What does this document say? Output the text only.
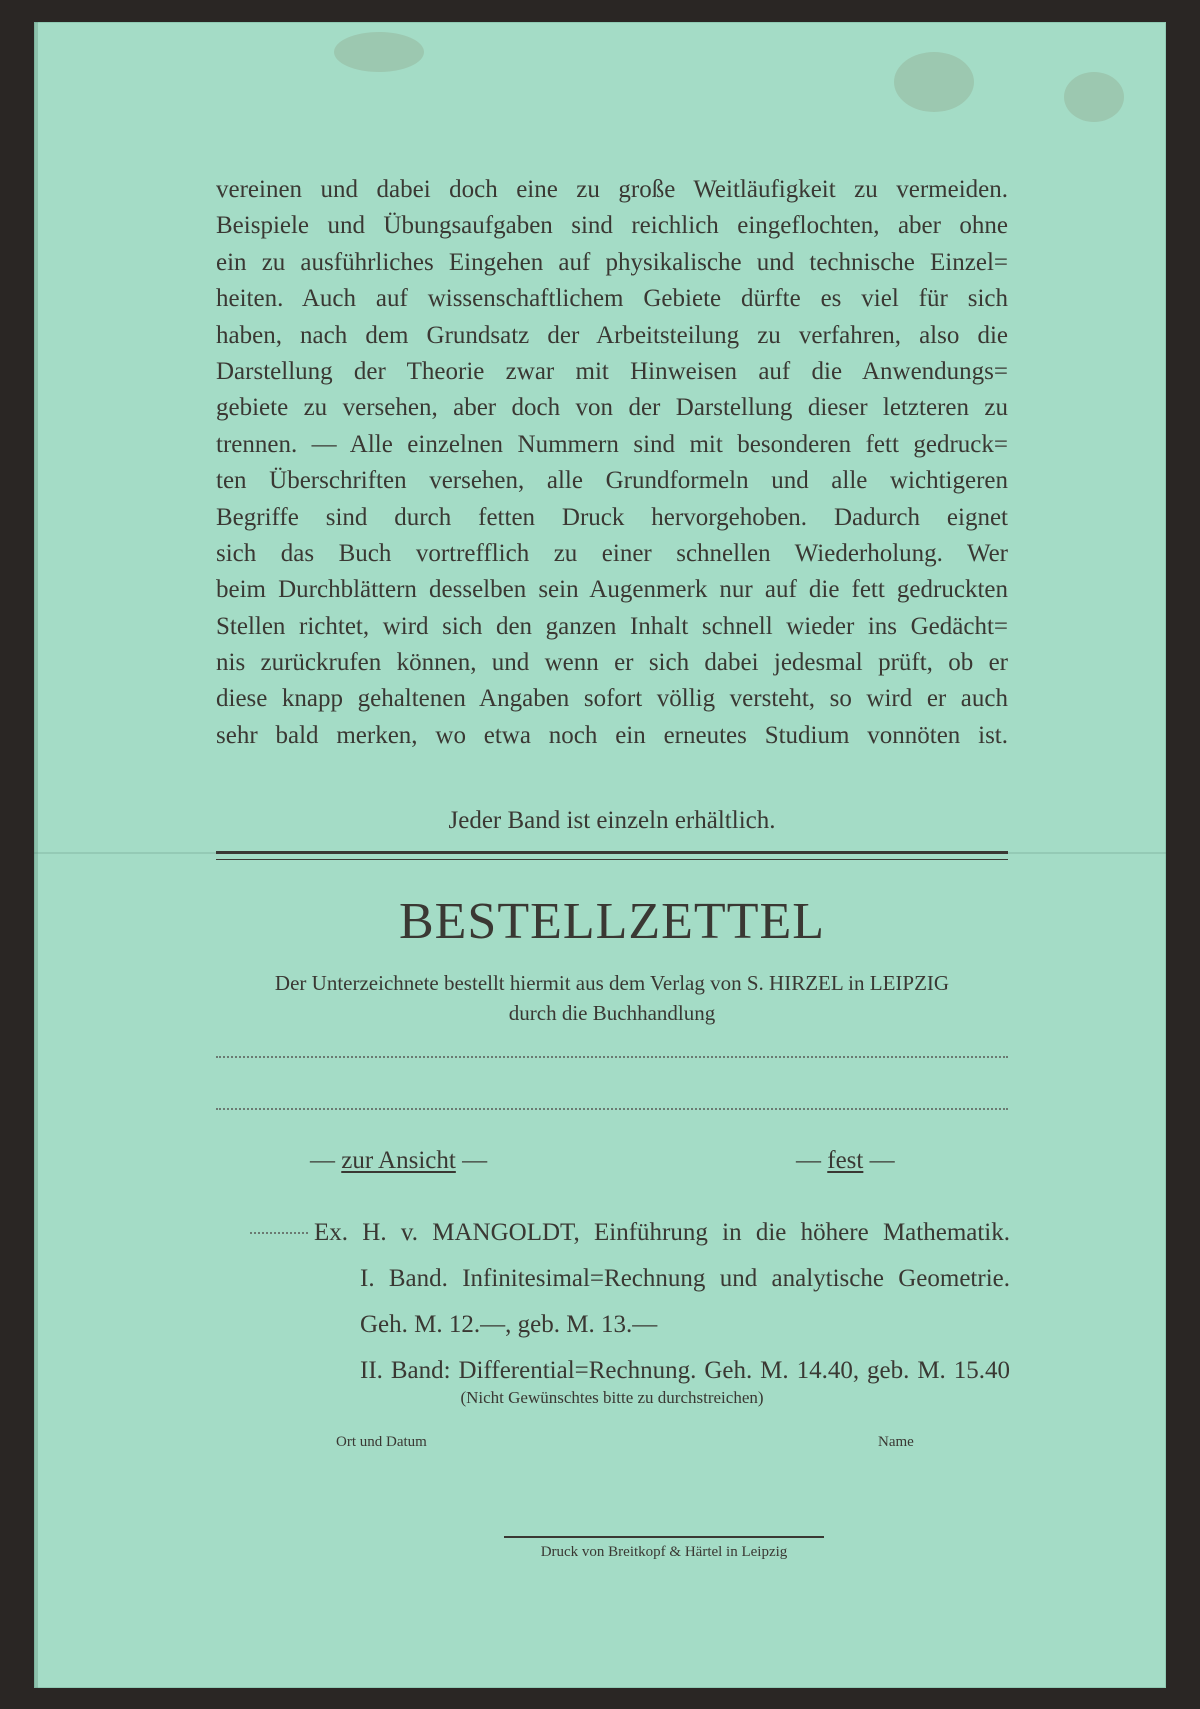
vereinen und dabei doch eine zu große Weitläufigkeit zu vermeiden.
Beispiele und Übungsaufgaben sind reichlich eingeflochten, aber ohne
ein zu ausführliches Eingehen auf physikalische und technische Einzel=
heiten. Auch auf wissenschaftlichem Gebiete dürfte es viel für sich
haben, nach dem Grundsatz der Arbeitsteilung zu verfahren, also die
Darstellung der Theorie zwar mit Hinweisen auf die Anwendungs=
gebiete zu versehen, aber doch von der Darstellung dieser letzteren zu
trennen. — Alle einzelnen Nummern sind mit besonderen fett gedruck=
ten Überschriften versehen, alle Grundformeln und alle wichtigeren
Begriffe sind durch fetten Druck hervorgehoben. Dadurch eignet
sich das Buch vortrefflich zu einer schnellen Wiederholung. Wer
beim Durchblättern desselben sein Augenmerk nur auf die fett gedruckten
Stellen richtet, wird sich den ganzen Inhalt schnell wieder ins Gedächt=
nis zurückrufen können, und wenn er sich dabei jedesmal prüft, ob er
diese knapp gehaltenen Angaben sofort völlig versteht, so wird er auch
sehr bald merken, wo etwa noch ein erneutes Studium vonnöten ist.
Jeder Band ist einzeln erhältlich.
BESTELLZETTEL
Der Unterzeichnete bestellt hiermit aus dem Verlag von S. HIRZEL in LEIPZIG
durch die Buchhandlung
— zur Ansicht —	— fest —
Ex. H. v. MANGOLDT, Einführung in die höhere Mathematik.
I. Band. Infinitesimal=Rechnung und analytische Geometrie.
Geh. M. 12.—, geb. M. 13.—
II. Band: Differential=Rechnung. Geh. M. 14.40, geb. M. 15.40
(Nicht Gewünschtes bitte zu durchstreichen)
Ort und Datum	Name
Druck von Breitkopf & Härtel in Leipzig
